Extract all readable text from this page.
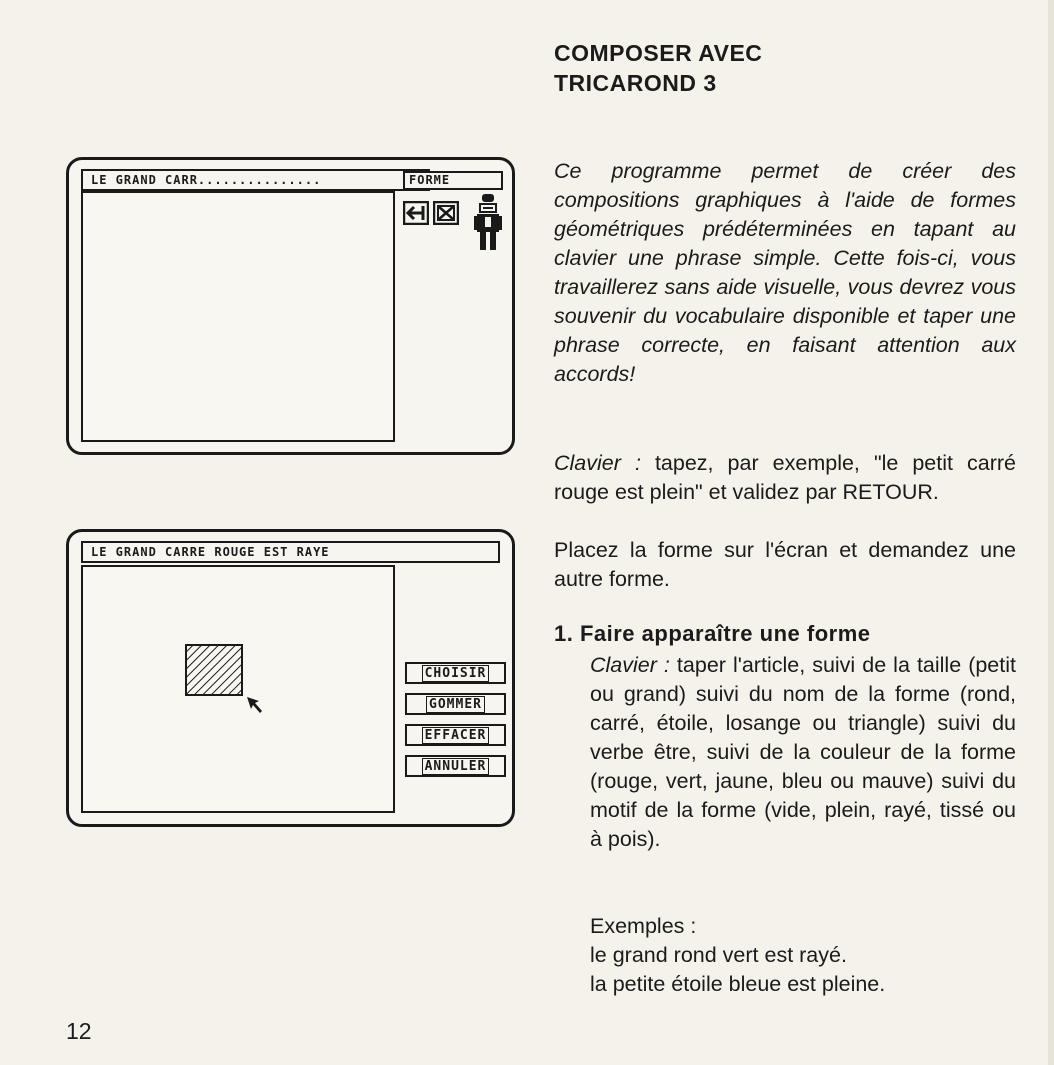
LE GRAND CARR...............	FORME
LE GRAND CARRE ROUGE EST RAYE
CHOISIR
GOMMER
EFFACER
ANNULER
COMPOSER AVEC
TRICAROND 3
Ce programme permet de créer des compositions graphiques à l'aide de formes géométriques prédéterminées en tapant au clavier une phrase simple. Cette fois-ci, vous travaillerez sans aide visuelle, vous devrez vous souvenir du vocabulaire disponible et taper une phrase correcte, en faisant attention aux accords!
Clavier : tapez, par exemple, "le petit carré rouge est plein" et validez par RETOUR.
Placez la forme sur l'écran et demandez une autre forme.
1. Faire apparaître une forme
Clavier : taper l'article, suivi de la taille (petit ou grand) suivi du nom de la forme (rond, carré, étoile, losange ou triangle) suivi du verbe être, suivi de la couleur de la forme (rouge, vert, jaune, bleu ou mauve) suivi du motif de la forme (vide, plein, rayé, tissé ou à pois).
Exemples :
le grand rond vert est rayé.
la petite étoile bleue est pleine.
12
